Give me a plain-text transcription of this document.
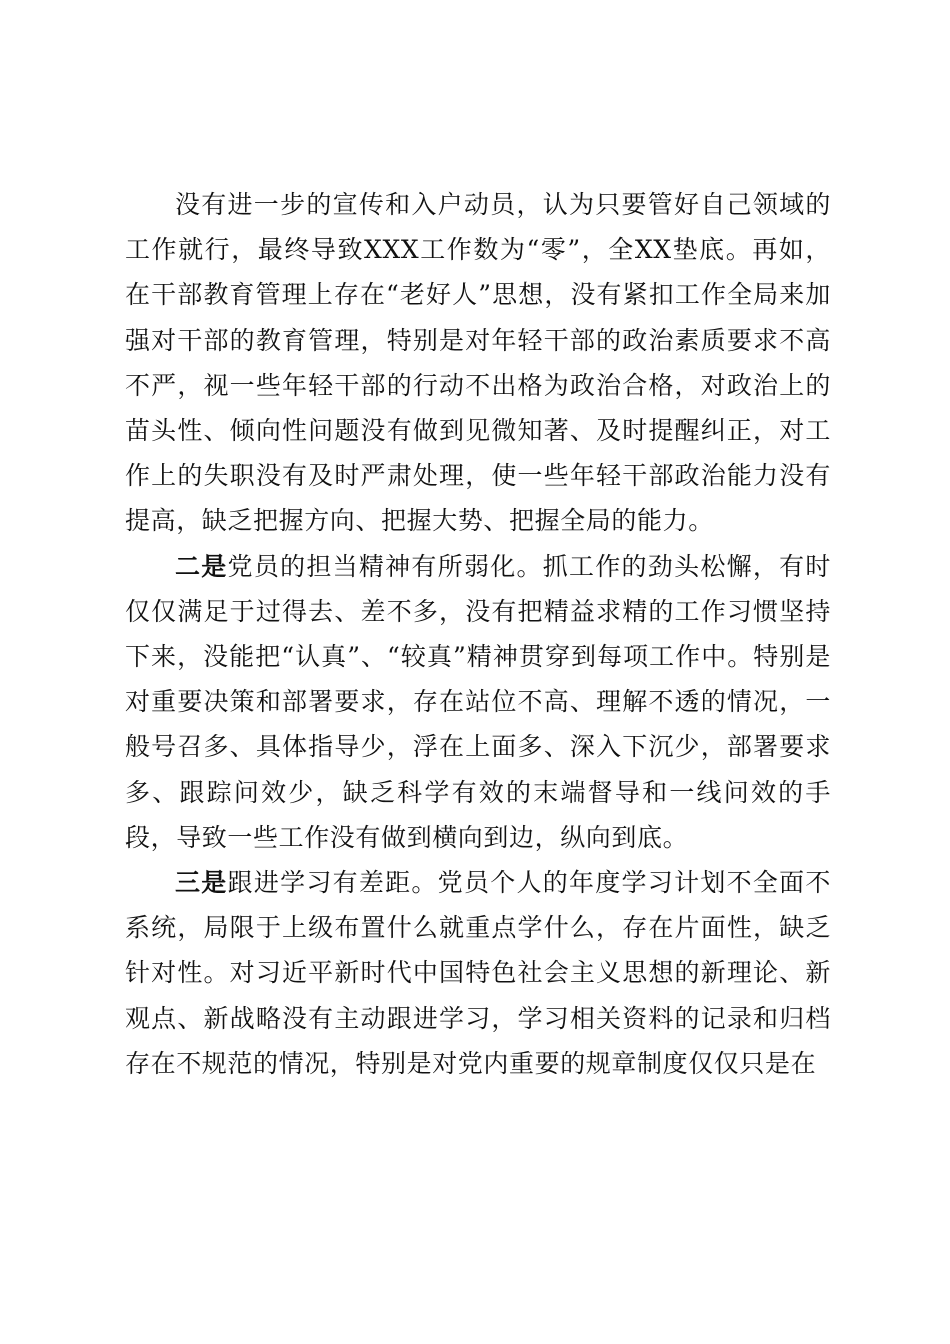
没有进一步的宣传和入户动员，认为只要管好自己领域的工作就行，最终导致XXX工作数为“零”，全XX垫底。再如，在干部教育管理上存在“老好人”思想，没有紧扣工作全局来加强对干部的教育管理，特别是对年轻干部的政治素质要求不高不严，视一些年轻干部的行动不出格为政治合格，对政治上的苗头性、倾向性问题没有做到见微知著、及时提醒纠正，对工作上的失职没有及时严肃处理，使一些年轻干部政治能力没有提高，缺乏把握方向、把握大势、把握全局的能力。

二是党员的担当精神有所弱化。抓工作的劲头松懈，有时仅仅满足于过得去、差不多，没有把精益求精的工作习惯坚持下来，没能把“认真”、“较真”精神贯穿到每项工作中。特别是对重要决策和部署要求，存在站位不高、理解不透的情况，一般号召多、具体指导少，浮在上面多、深入下沉少，部署要求多、跟踪问效少，缺乏科学有效的末端督导和一线问效的手段，导致一些工作没有做到横向到边，纵向到底。

三是跟进学习有差距。党员个人的年度学习计划不全面不系统，局限于上级布置什么就重点学什么，存在片面性，缺乏针对性。对习近平新时代中国特色社会主义思想的新理论、新观点、新战略没有主动跟进学习，学习相关资料的记录和归档存在不规范的情况，特别是对党内重要的规章制度仅仅只是在
